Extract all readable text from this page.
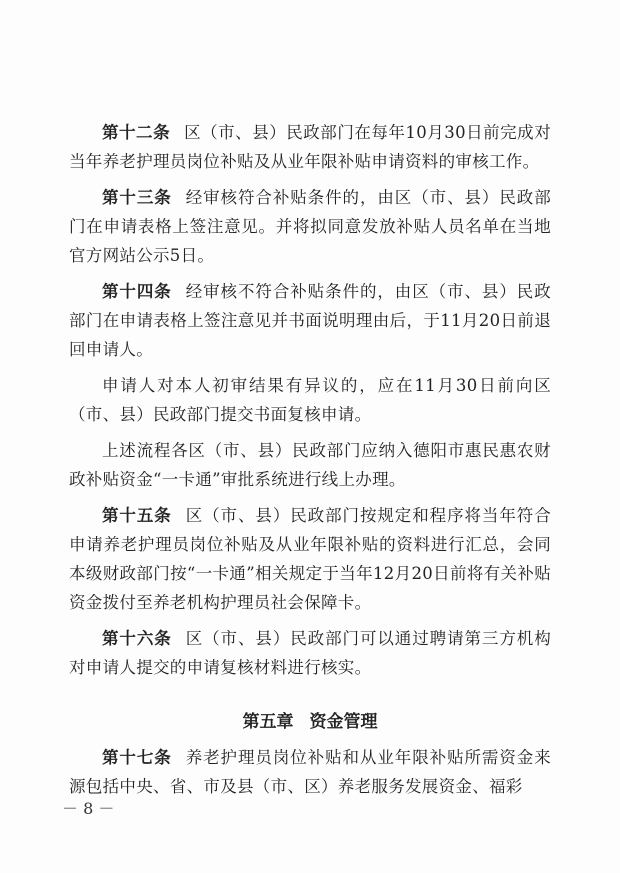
第十二条 区（市、县）民政部门在每年10月30日前完成对当年养老护理员岗位补贴及从业年限补贴申请资料的审核工作。

第十三条 经审核符合补贴条件的，由区（市、县）民政部门在申请表格上签注意见。并将拟同意发放补贴人员名单在当地官方网站公示5日。

第十四条 经审核不符合补贴条件的，由区（市、县）民政部门在申请表格上签注意见并书面说明理由后，于11月20日前退回申请人。

申请人对本人初审结果有异议的，应在11月30日前向区（市、县）民政部门提交书面复核申请。

上述流程各区（市、县）民政部门应纳入德阳市惠民惠农财政补贴资金“一卡通”审批系统进行线上办理。

第十五条 区（市、县）民政部门按规定和程序将当年符合申请养老护理员岗位补贴及从业年限补贴的资料进行汇总，会同本级财政部门按“一卡通”相关规定于当年12月20日前将有关补贴资金拨付至养老机构护理员社会保障卡。

第十六条 区（市、县）民政部门可以通过聘请第三方机构对申请人提交的申请复核材料进行核实。

第五章 资金管理

第十七条 养老护理员岗位补贴和从业年限补贴所需资金来源包括中央、省、市及县（市、区）养老服务发展资金、福彩

－ 8 －
